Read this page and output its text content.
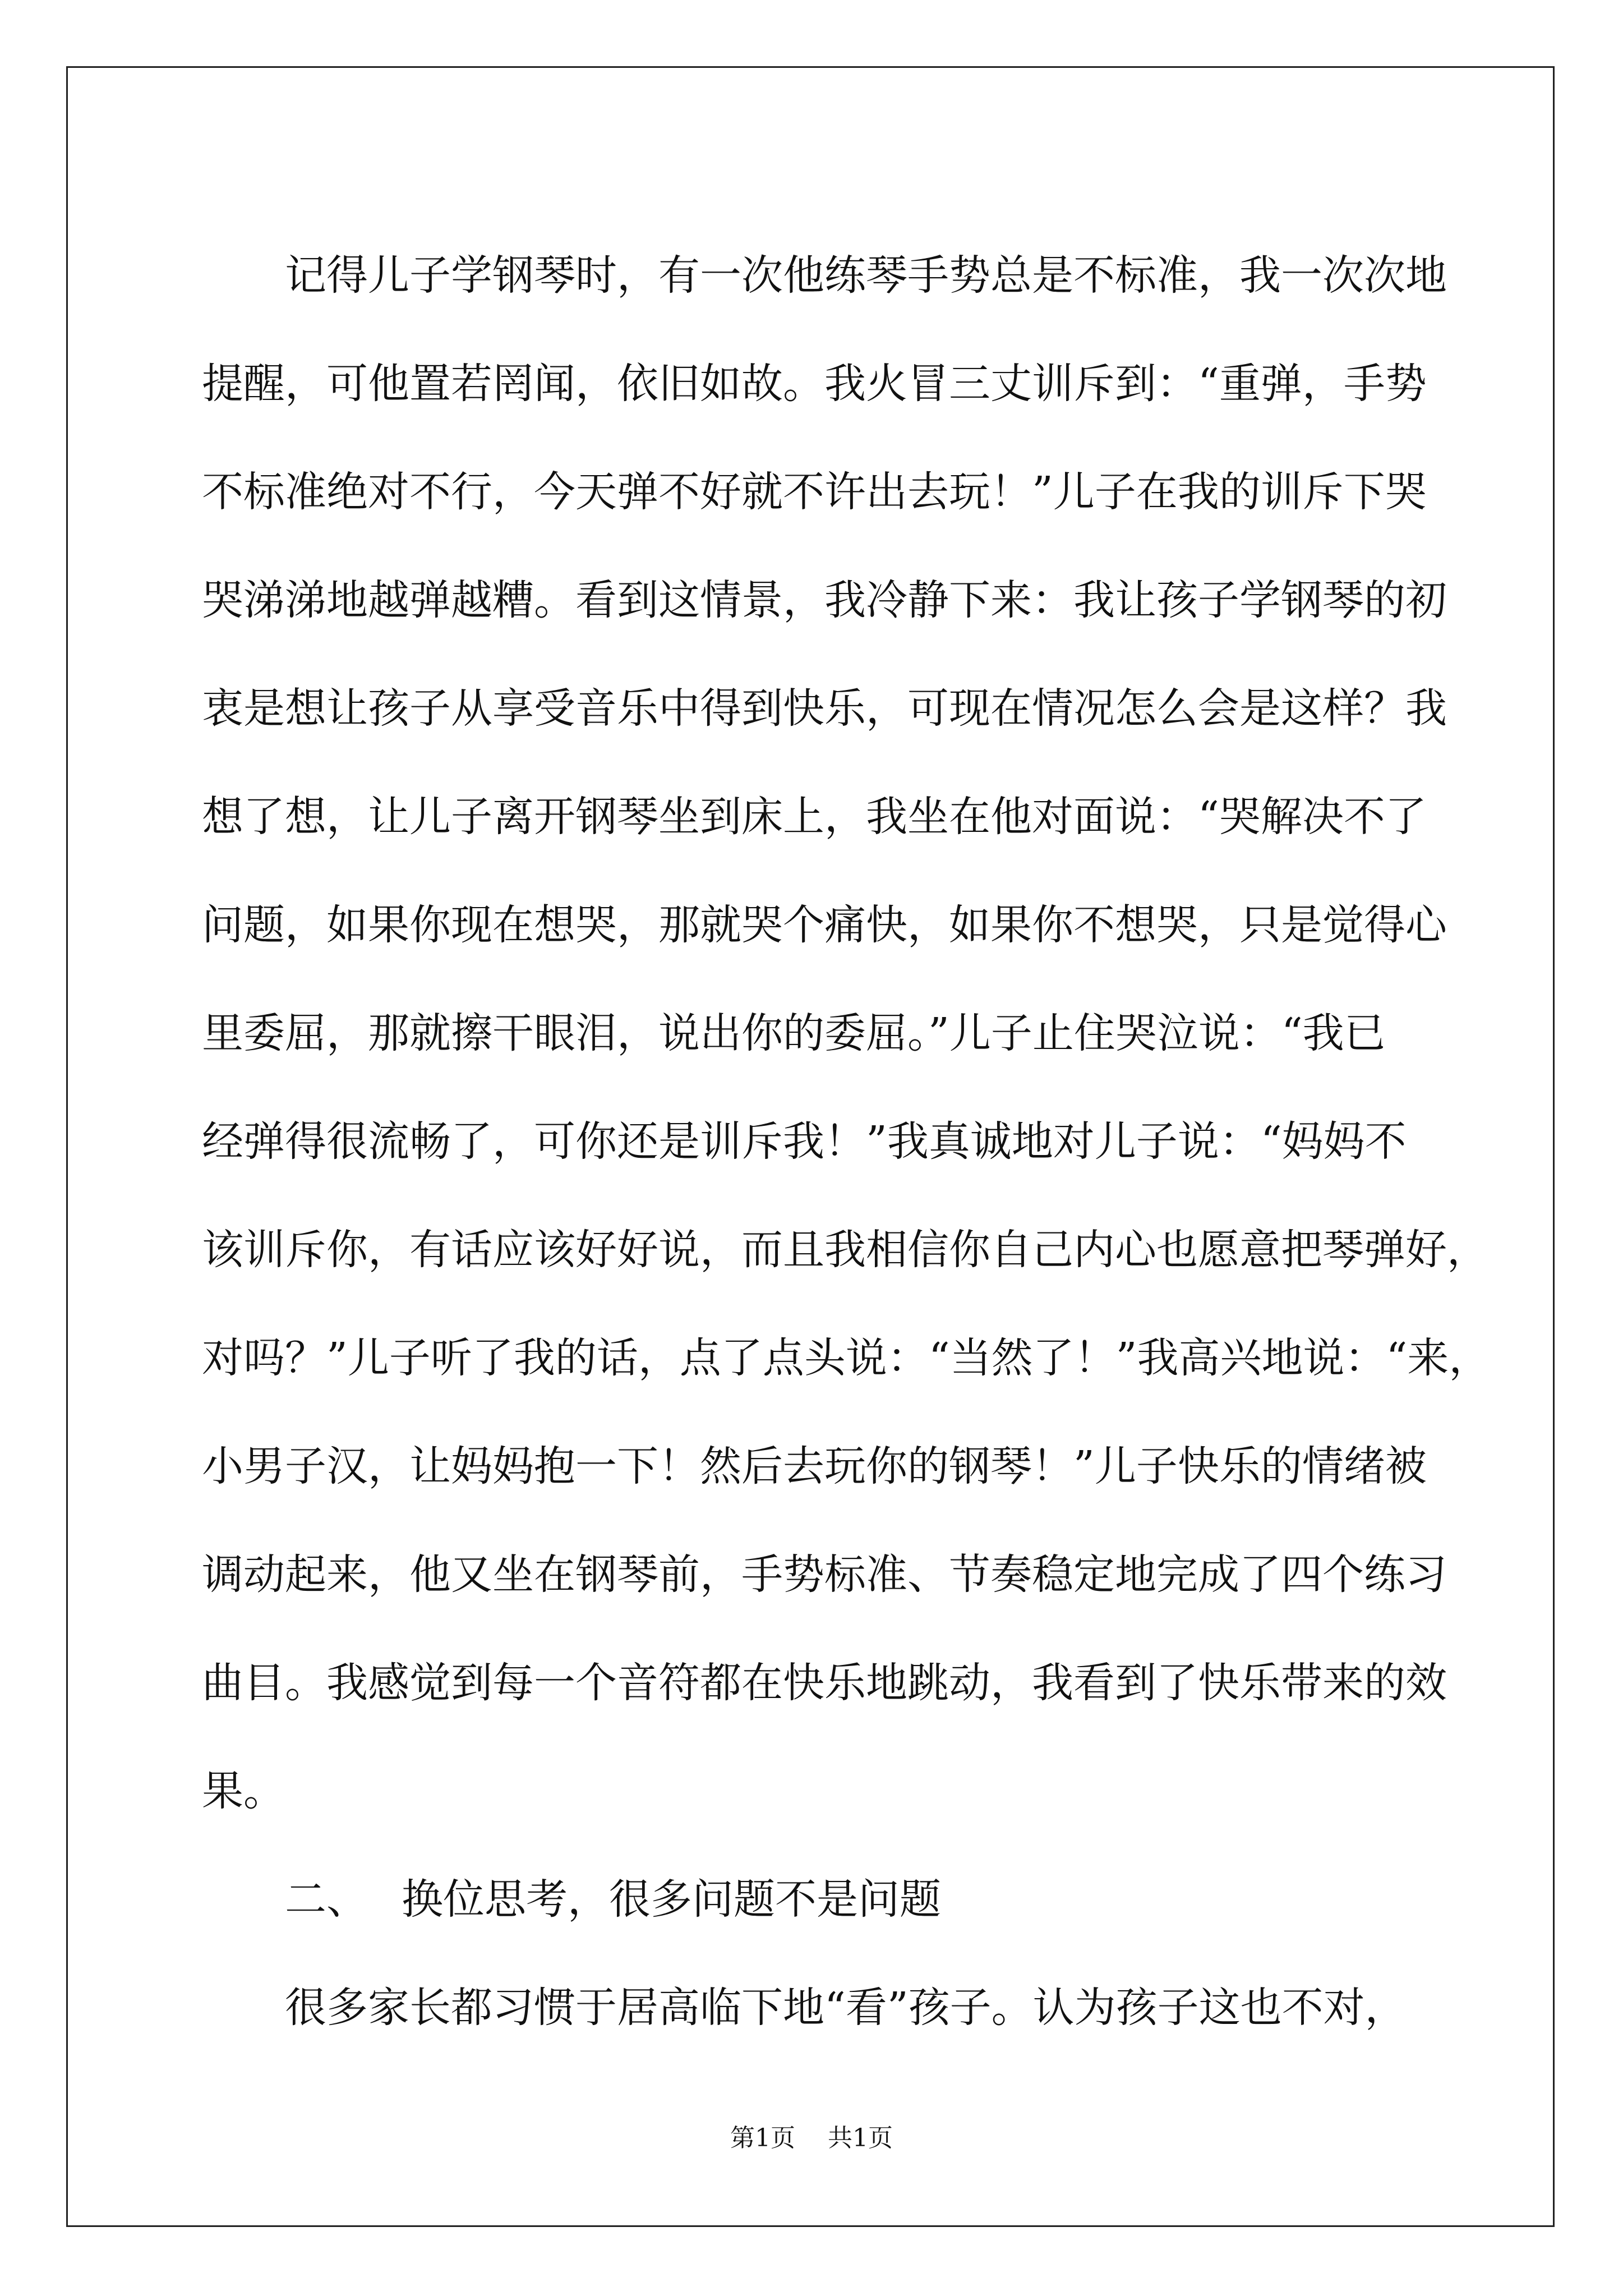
记得儿子学钢琴时，有一次他练琴手势总是不标准，我一次次地
提醒，可他置若罔闻，依旧如故。我火冒三丈训斥到：“重弹，手势
不标准绝对不行，今天弹不好就不许出去玩！”儿子在我的训斥下哭
哭涕涕地越弹越糟。看到这情景，我冷静下来：我让孩子学钢琴的初
衷是想让孩子从享受音乐中得到快乐，可现在情况怎么会是这样？我
想了想，让儿子离开钢琴坐到床上，我坐在他对面说：“哭解决不了
问题，如果你现在想哭，那就哭个痛快，如果你不想哭，只是觉得心
里委屈，那就擦干眼泪，说出你的委屈。”儿子止住哭泣说：“我已
经弹得很流畅了，可你还是训斥我！”我真诚地对儿子说：“妈妈不
该训斥你，有话应该好好说，而且我相信你自己内心也愿意把琴弹好，
对吗？”儿子听了我的话，点了点头说：“当然了！”我高兴地说：“来，
小男子汉，让妈妈抱一下！然后去玩你的钢琴！”儿子快乐的情绪被
调动起来，他又坐在钢琴前，手势标准、节奏稳定地完成了四个练习
曲目。我感觉到每一个音符都在快乐地跳动，我看到了快乐带来的效
果。
二、 换位思考，很多问题不是问题
很多家长都习惯于居高临下地“看”孩子。认为孩子这也不对，
第1页 共1页
